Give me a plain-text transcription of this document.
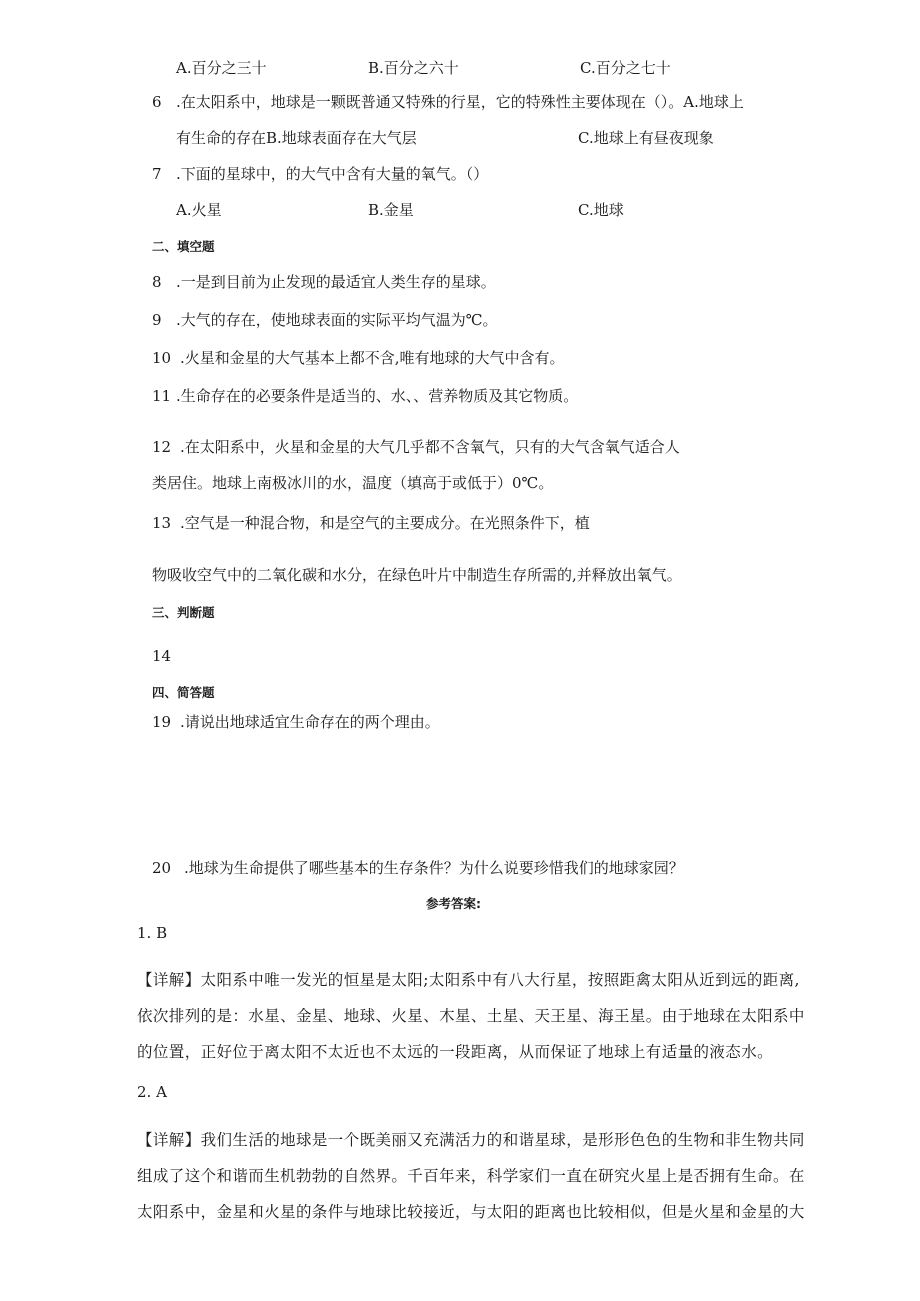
A.百分之三十	B.百分之六十	C.百分之七十
6 .在太阳系中，地球是一颗既普通又特殊的行星，它的特殊性主要体现在（）。A.地球上
有生命的存在B.地球表面存在大气层	C.地球上有昼夜现象
7 .下面的星球中，的大气中含有大量的氧气。（）
A.火星	B.金星	C.地球
二、填空题
8 .一是到目前为止发现的最适宜人类生存的星球。
9 .大气的存在，使地球表面的实际平均气温为℃。
10 .火星和金星的大气基本上都不含,唯有地球的大气中含有。
11 .生命存在的必要条件是适当的、水、、营养物质及其它物质。
12 .在太阳系中，火星和金星的大气几乎都不含氧气，只有的大气含氧气适合人
类居住。地球上南极冰川的水，温度（填高于或低于）0℃。
13 .空气是一种混合物，和是空气的主要成分。在光照条件下，植
物吸收空气中的二氧化碳和水分，在绿色叶片中制造生存所需的,并释放出氧气。
三、判断题
14
四、简答题
19 .请说出地球适宜生命存在的两个理由。
20 .地球为生命提供了哪些基本的生存条件？为什么说要珍惜我们的地球家园？
参考答案:
1. B
【详解】太阳系中唯一发光的恒星是太阳;太阳系中有八大行星，按照距禽太阳从近到远的距离,
依次排列的是：水星、金星、地球、火星、木星、土星、天王星、海王星。由于地球在太阳系中
的位置，正好位于离太阳不太近也不太远的一段距离，从而保证了地球上有适量的液态水。
2. A
【详解】我们生活的地球是一个既美丽又充满活力的和谐星球，是形形色色的生物和非生物共同
组成了这个和谐而生机勃勃的自然界。千百年来，科学家们一直在研究火星上是否拥有生命。在
太阳系中，金星和火星的条件与地球比较接近，与太阳的距离也比较相似，但是火星和金星的大
